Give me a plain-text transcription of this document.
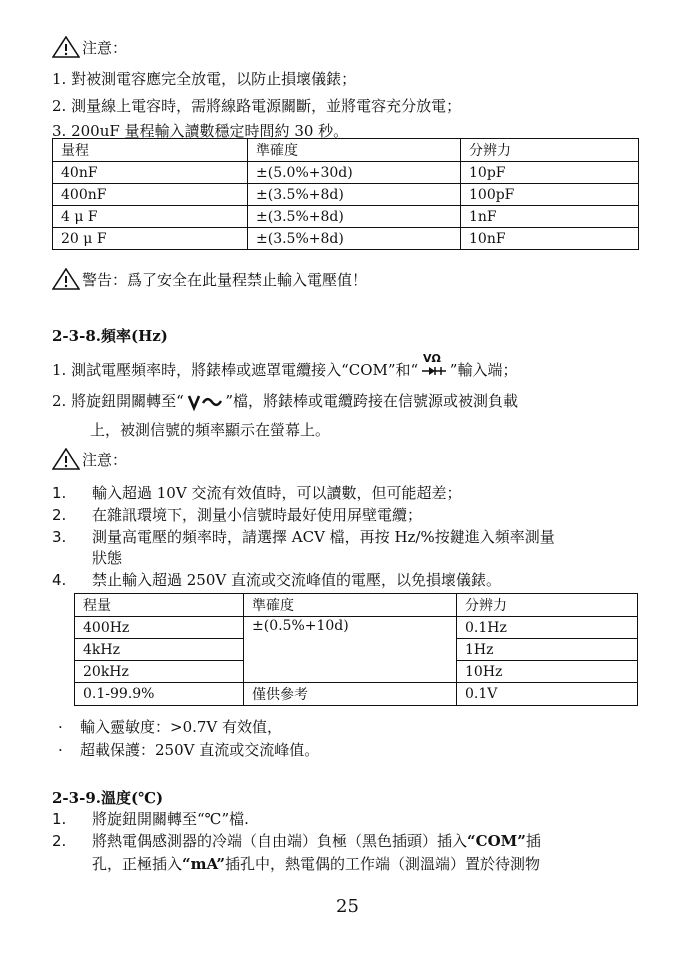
注意：
1. 對被測電容應完全放電，以防止損壞儀錶；
2. 測量線上電容時，需將線路電源關斷，並將電容充分放電；
3. 200uF 量程輸入讀數穩定時間約 30 秒。
量程	準確度	分辨力
40nF	±(5.0%+30d)	10pF
400nF	±(3.5%+8d)	100pF
4 μ F	±(3.5%+8d)	1nF
20 μ F	±(3.5%+8d)	10nF
警告：爲了安全在此量程禁止輸入電壓值！
2-3-8.頻率(Hz)
1. 測試電壓頻率時，將錶棒或遮罩電纜接入“COM”和“
VΩ
”輸入端；
2. 將旋鈕開關轉至“	”檔，將錶棒或電纜跨接在信號源或被測負載
上，被測信號的頻率顯示在螢幕上。
注意：
1. 輸入超過 10V 交流有效值時，可以讀數，但可能超差；
2. 在雜訊環境下，測量小信號時最好使用屏壁電纜；
3. 測量高電壓的頻率時，請選擇 ACV 檔，再按 Hz/%按鍵進入頻率測量
狀態
4. 禁止輸入超過 250V 直流或交流峰值的電壓，以免損壞儀錶。
程量	準確度	分辨力
400Hz	±(0.5%+10d)	0.1Hz
4kHz		1Hz
20kHz		10Hz
0.1-99.9%	僅供參考	0.1V
· 輸入靈敏度：>0.7V 有效值，
· 超載保護：250V 直流或交流峰值。
2-3-9.溫度(℃)
1. 將旋鈕開關轉至“℃”檔.
2. 將熱電偶感測器的冷端（自由端）負極（黑色插頭）插入“COM”插
孔，正極插入“mA”插孔中，熱電偶的工作端（測溫端）置於待測物
25
